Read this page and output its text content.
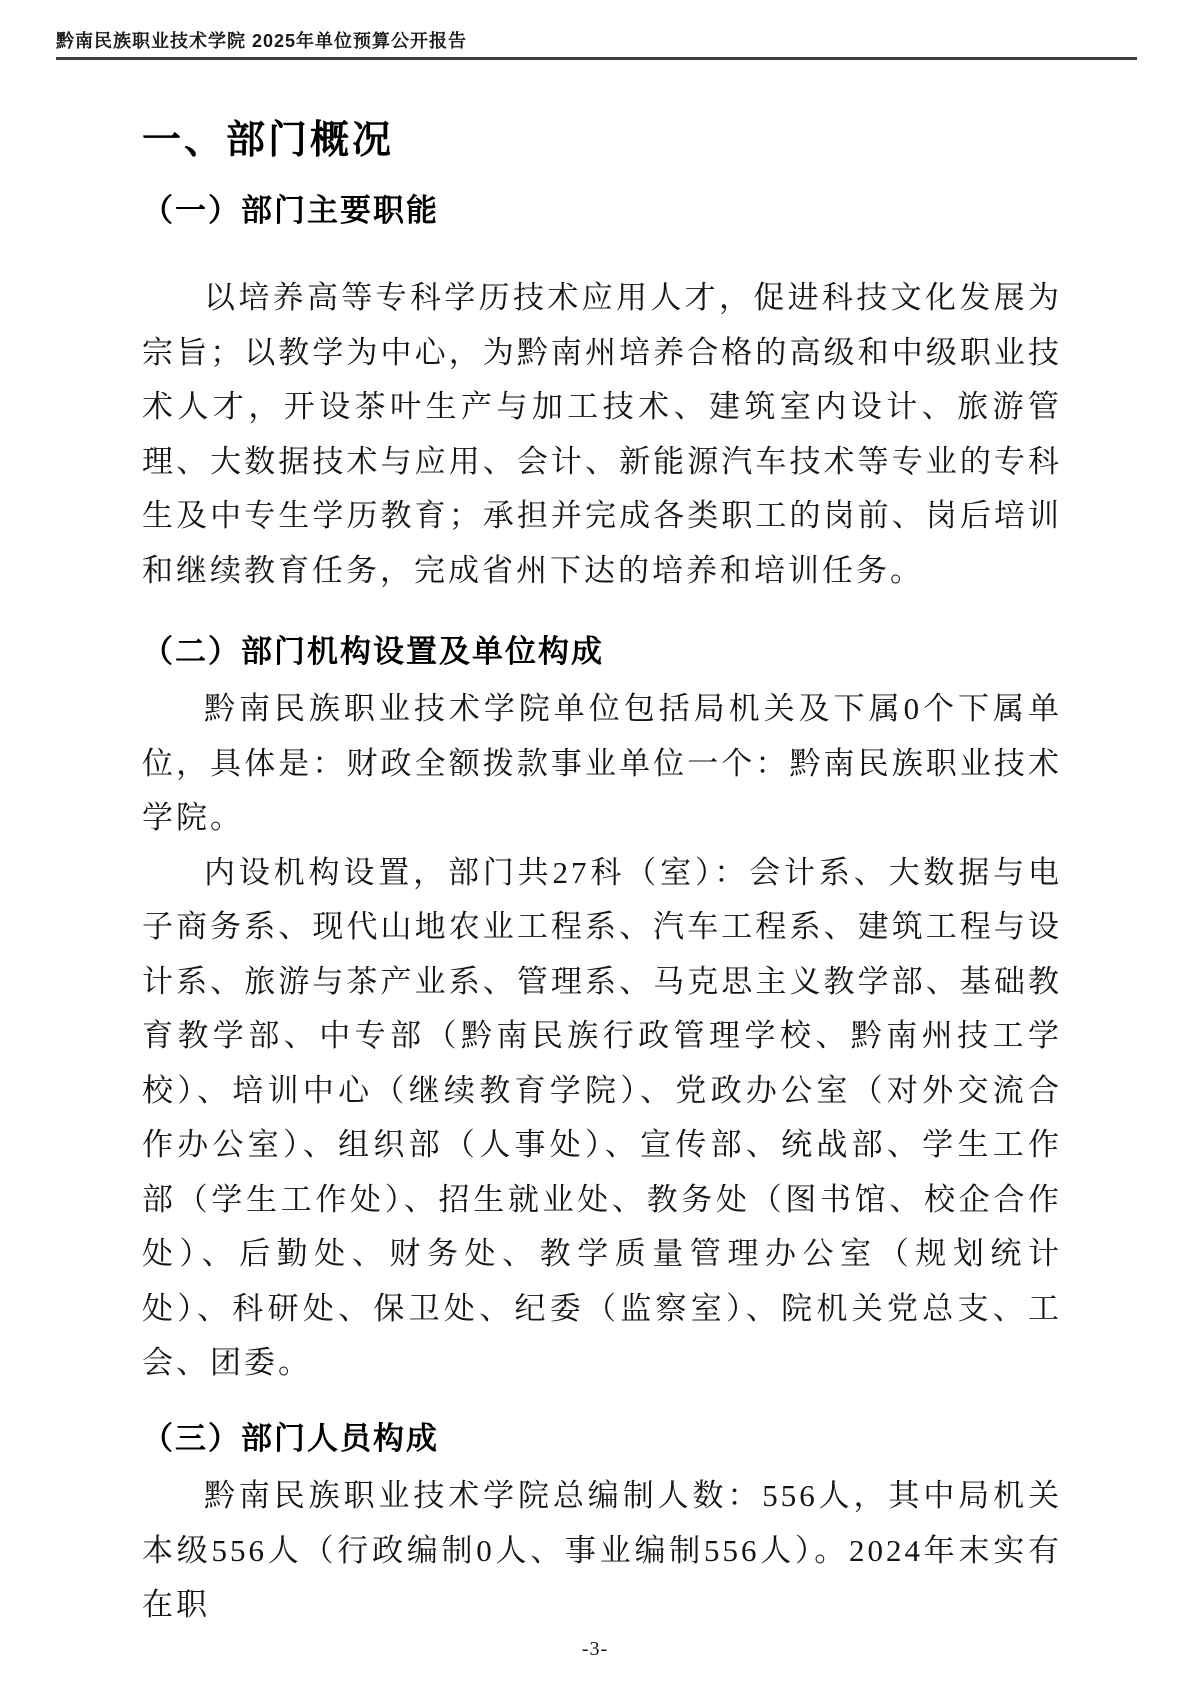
黔南民族职业技术学院 2025年单位预算公开报告
一、部门概况
（一）部门主要职能

以培养高等专科学历技术应用人才，促进科技文化发展为宗旨；以教学为中心，为黔南州培养合格的高级和中级职业技术人才，开设茶叶生产与加工技术、建筑室内设计、旅游管理、大数据技术与应用、会计、新能源汽车技术等专业的专科生及中专生学历教育；承担并完成各类职工的岗前、岗后培训和继续教育任务，完成省州下达的培养和培训任务。

（二）部门机构设置及单位构成

黔南民族职业技术学院单位包括局机关及下属0个下属单位，具体是：财政全额拨款事业单位一个：黔南民族职业技术学院。

内设机构设置，部门共27科（室）：会计系、大数据与电子商务系、现代山地农业工程系、汽车工程系、建筑工程与设计系、旅游与茶产业系、管理系、马克思主义教学部、基础教育教学部、中专部（黔南民族行政管理学校、黔南州技工学校）、培训中心（继续教育学院）、党政办公室（对外交流合作办公室）、组织部（人事处）、宣传部、统战部、学生工作部（学生工作处）、招生就业处、教务处（图书馆、校企合作处）、后勤处、财务处、教学质量管理办公室（规划统计处）、科研处、保卫处、纪委（监察室）、院机关党总支、工会、团委。

（三）部门人员构成

黔南民族职业技术学院总编制人数：556人，其中局机关本级556人（行政编制0人、事业编制556人）。2024年末实有在职

-3-
